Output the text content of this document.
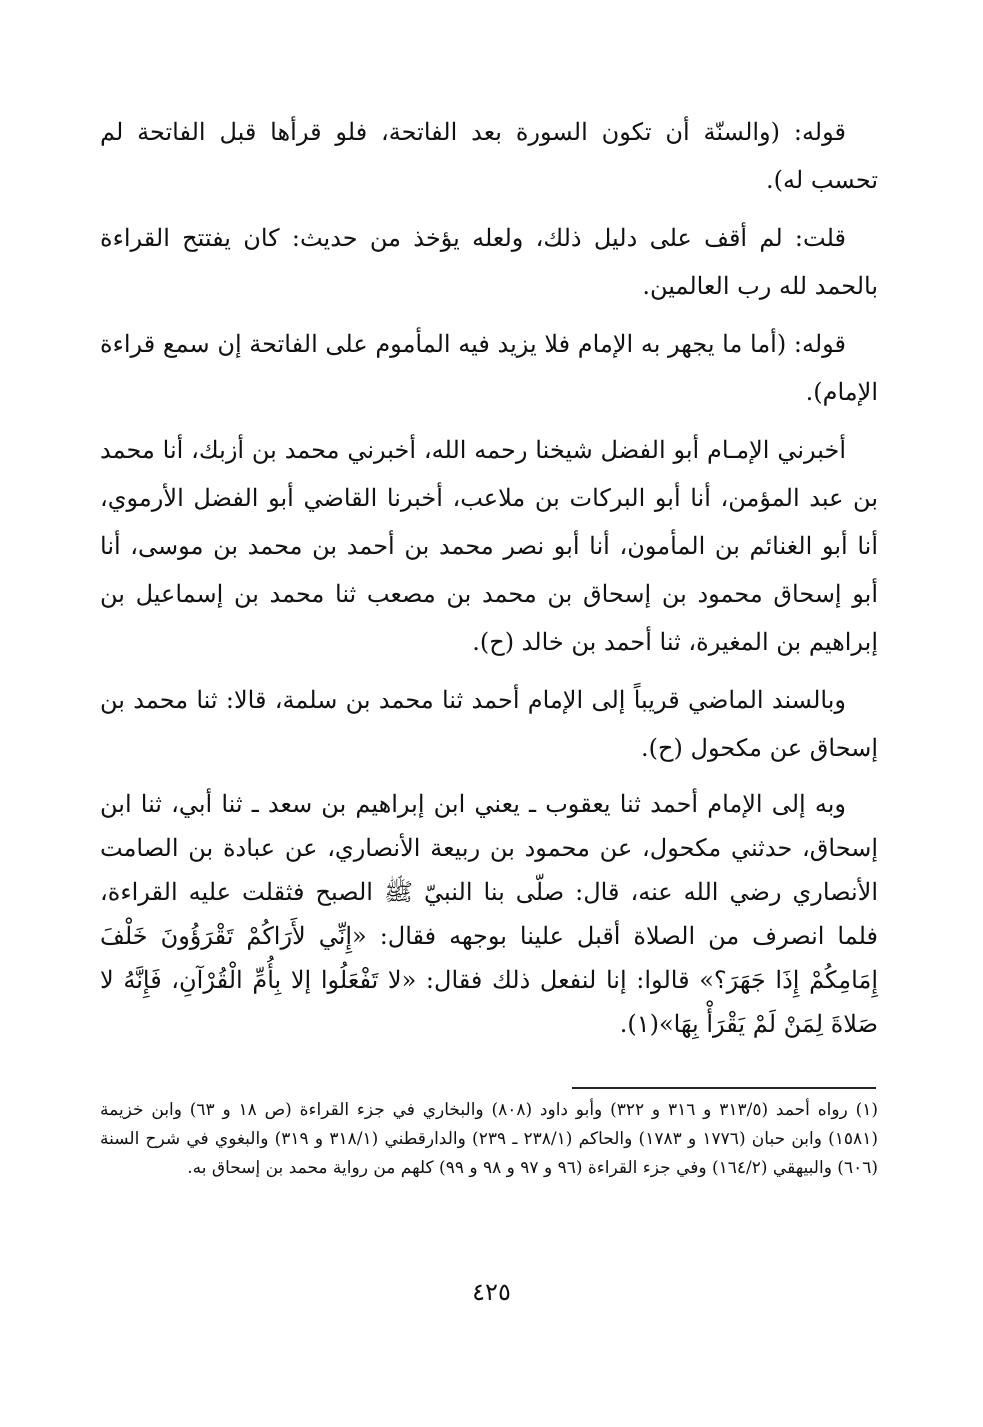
قوله: (والسنّة أن تكون السورة بعد الفاتحة، فلو قرأها قبل الفاتحة لم تحسب له).

قلت: لم أقف على دليل ذلك، ولعله يؤخذ من حديث: كان يفتتح القراءة بالحمد لله رب العالمين.

قوله: (أما ما يجهر به الإمام فلا يزيد فيه المأموم على الفاتحة إن سمع قراءة الإمام).

أخبرني الإمـام أبو الفضل شيخنا رحمه الله، أخبرني محمد بن أزبك، أنا محمد بن عبد المؤمن، أنا أبو البركات بن ملاعب، أخبرنا القاضي أبو الفضل الأرموي، أنا أبو الغنائم بن المأمون، أنا أبو نصر محمد بن أحمد بن محمد بن موسى، أنا أبو إسحاق محمود بن إسحاق بن محمد بن مصعب ثنا محمد بن إسماعيل بن إبراهيم بن المغيرة، ثنا أحمد بن خالد (ح).

وبالسند الماضي قريباً إلى الإمام أحمد ثنا محمد بن سلمة، قالا: ثنا محمد بن إسحاق عن مكحول (ح).

وبه إلى الإمام أحمد ثنا يعقوب ـ يعني ابن إبراهيم بن سعد ـ ثنا أبي، ثنا ابن إسحاق، حدثني مكحول، عن محمود بن ربيعة الأنصاري، عن عبادة بن الصامت الأنصاري رضي الله عنه، قال: صلّى بنا النبيّ ﷺ الصبح فثقلت عليه القراءة، فلما انصرف من الصلاة أقبل علينا بوجهه فقال: «إِنِّي لأَرَاكُمْ تَقْرَؤُونَ خَلْفَ إِمَامِكُمْ إِذَا جَهَرَ؟» قالوا: إنا لنفعل ذلك فقال: «لا تَفْعَلُوا إلا بِأُمِّ الْقُرْآنِ، فَإِنَّهُ لا صَلاةَ لِمَنْ لَمْ يَقْرَأْ بِهَا»(١).

(١) رواه أحمد (٣١٣/٥ و ٣١٦ و ٣٢٢) وأبو داود (٨٠٨) والبخاري في جزء القراءة (ص ١٨ و ٦٣) وابن خزيمة (١٥٨١) وابن حبان (١٧٧٦ و ١٧٨٣) والحاكم (٢٣٨/١ ـ ٢٣٩) والدارقطني (٣١٨/١ و ٣١٩) والبغوي في شرح السنة (٦٠٦) والبيهقي (١٦٤/٢) وفي جزء القراءة (٩٦ و ٩٧ و ٩٨ و ٩٩) كلهم من رواية محمد بن إسحاق به.

٤٢٥
